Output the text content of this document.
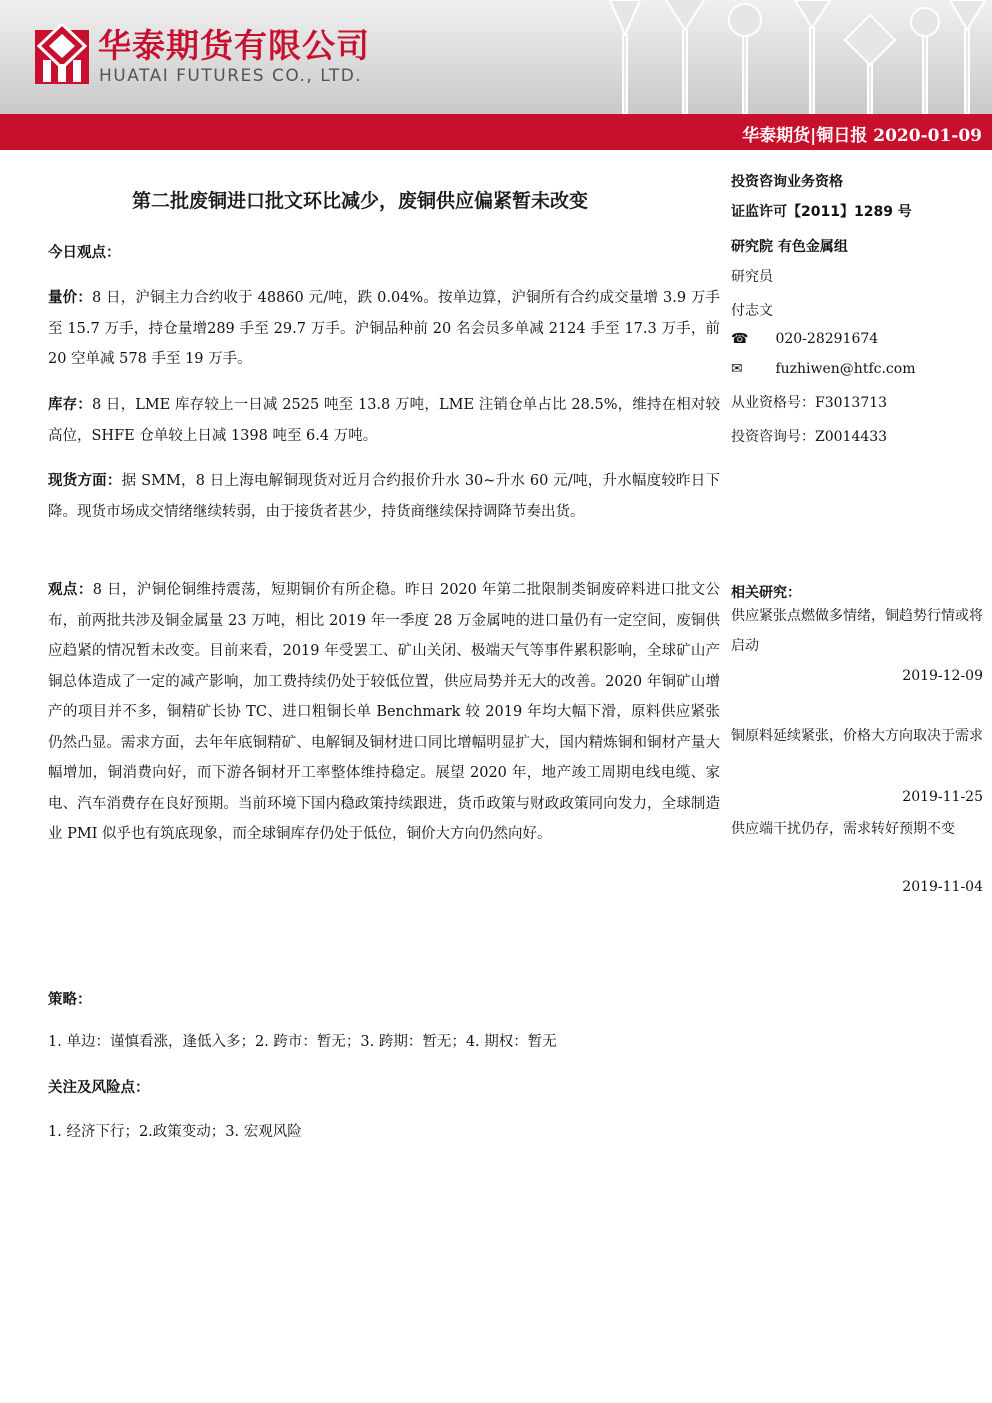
华泰期货有限公司
HUATAI FUTURES CO., LTD.
华泰期货|铜日报 2020-01-09
第二批废铜进口批文环比减少，废铜供应偏紧暂未改变

今日观点：

量价：8 日，沪铜主力合约收于 48860 元/吨，跌 0.04%。按单边算，沪铜所有合约成交量增 3.9 万手至 15.7 万手，持仓量增289 手至 29.7 万手。沪铜品种前 20 名会员多单减 2124 手至 17.3 万手，前 20 空单减 578 手至 19 万手。

库存：8 日，LME 库存较上一日减 2525 吨至 13.8 万吨，LME 注销仓单占比 28.5%，维持在相对较高位，SHFE 仓单较上日减 1398 吨至 6.4 万吨。

现货方面：据 SMM，8 日上海电解铜现货对近月合约报价升水 30~升水 60 元/吨，升水幅度较昨日下降。现货市场成交情绪继续转弱，由于接货者甚少，持货商继续保持调降节奏出货。

观点：8 日，沪铜伦铜维持震荡，短期铜价有所企稳。昨日 2020 年第二批限制类铜废碎料进口批文公布，前两批共涉及铜金属量 23 万吨，相比 2019 年一季度 28 万金属吨的进口量仍有一定空间，废铜供应趋紧的情况暂未改变。目前来看，2019 年受罢工、矿山关闭、极端天气等事件累积影响，全球矿山产铜总体造成了一定的减产影响，加工费持续仍处于较低位置，供应局势并无大的改善。2020 年铜矿山增产的项目并不多，铜精矿长协 TC、进口粗铜长单 Benchmark 较 2019 年均大幅下滑，原料供应紧张仍然凸显。需求方面，去年年底铜精矿、电解铜及铜材进口同比增幅明显扩大，国内精炼铜和铜材产量大幅增加，铜消费向好，而下游各铜材开工率整体维持稳定。展望 2020 年，地产竣工周期电线电缆、家电、汽车消费存在良好预期。当前环境下国内稳政策持续跟进，货币政策与财政政策同向发力，全球制造业 PMI 似乎也有筑底现象，而全球铜库存仍处于低位，铜价大方向仍然向好。

策略：

1. 单边：谨慎看涨，逢低入多；2. 跨市：暂无；3. 跨期：暂无；4. 期权：暂无

关注及风险点：

1. 经济下行；2.政策变动；3. 宏观风险

投资咨询业务资格
证监许可【2011】1289 号
研究院 有色金属组
研究员
付志文
☎ 020-28291674
✉ fuzhiwen@htfc.com
从业资格号：F3013713
投资咨询号：Z0014433
相关研究：
供应紧张点燃做多情绪，铜趋势行情或将启动
2019-12-09
铜原料延续紧张，价格大方向取决于需求
2019-11-25
供应端干扰仍存，需求转好预期不变
2019-11-04
